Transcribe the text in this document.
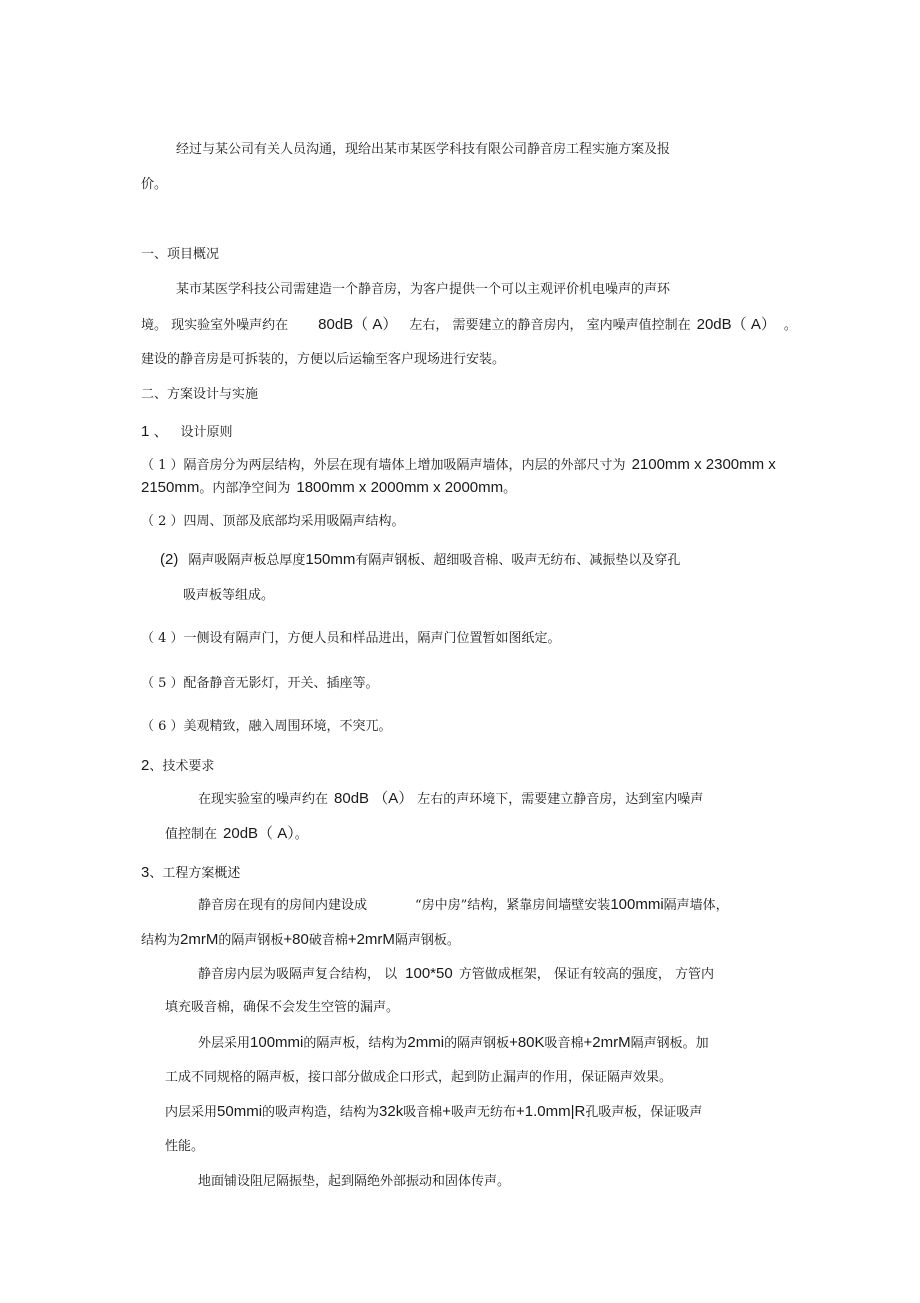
经过与某公司有关人员沟通，现给出某市某医学科技有限公司静音房工程实施方案及报
价。
一、项目概况
某市某医学科技公司需建造一个静音房，为客户提供一个可以主观评价机电噪声的声环
境。 现实验室外噪声约在 80dB（ A） 左右， 需要建立的静音房内， 室内噪声值控制在 20dB（ A） 。
建设的静音房是可拆装的，方便以后运输至客户现场进行安装。
二、方案设计与实施
1 、 设计原则
（ 1 ）隔音房分为两层结构，外层在现有墙体上增加吸隔声墙体，内层的外部尺寸为 2100mm x 2300mm x
2150mm。内部净空间为 1800mm x 2000mm x 2000mm。
（ 2 ）四周、顶部及底部均采用吸隔声结构。
(2) 隔声吸隔声板总厚度150mm有隔声钢板、超细吸音棉、吸声无纺布、减振垫以及穿孔
吸声板等组成。
（ 4 ）一侧设有隔声门，方便人员和样品进出，隔声门位置暂如图纸定。
（ 5 ）配备静音无影灯，开关、插座等。
（ 6 ）美观精致，融入周围环境，不突兀。
2、技术要求
在现实验室的噪声约在 80dB （A） 左右的声环境下，需要建立静音房，达到室内噪声
值控制在 20dB（ A）。
3、工程方案概述
静音房在现有的房间内建设成	“房中房”结构，紧靠房间墙壁安装100mmi隔声墙体，
结构为2mrM的隔声钢板+80破音棉+2mrM隔声钢板。
静音房内层为吸隔声复合结构， 以 100*50 方管做成框架， 保证有较高的强度， 方管内
填充吸音棉，确保不会发生空管的漏声。
外层采用100mmi的隔声板，结构为2mmi的隔声钢板+80K吸音棉+2mrM隔声钢板。加
工成不同规格的隔声板，接口部分做成企口形式，起到防止漏声的作用，保证隔声效果。
内层采用50mmi的吸声构造，结构为32k吸音棉+吸声无纺布+1.0mm|R孔吸声板，保证吸声
性能。
地面铺设阻尼隔振垫，起到隔绝外部振动和固体传声。
